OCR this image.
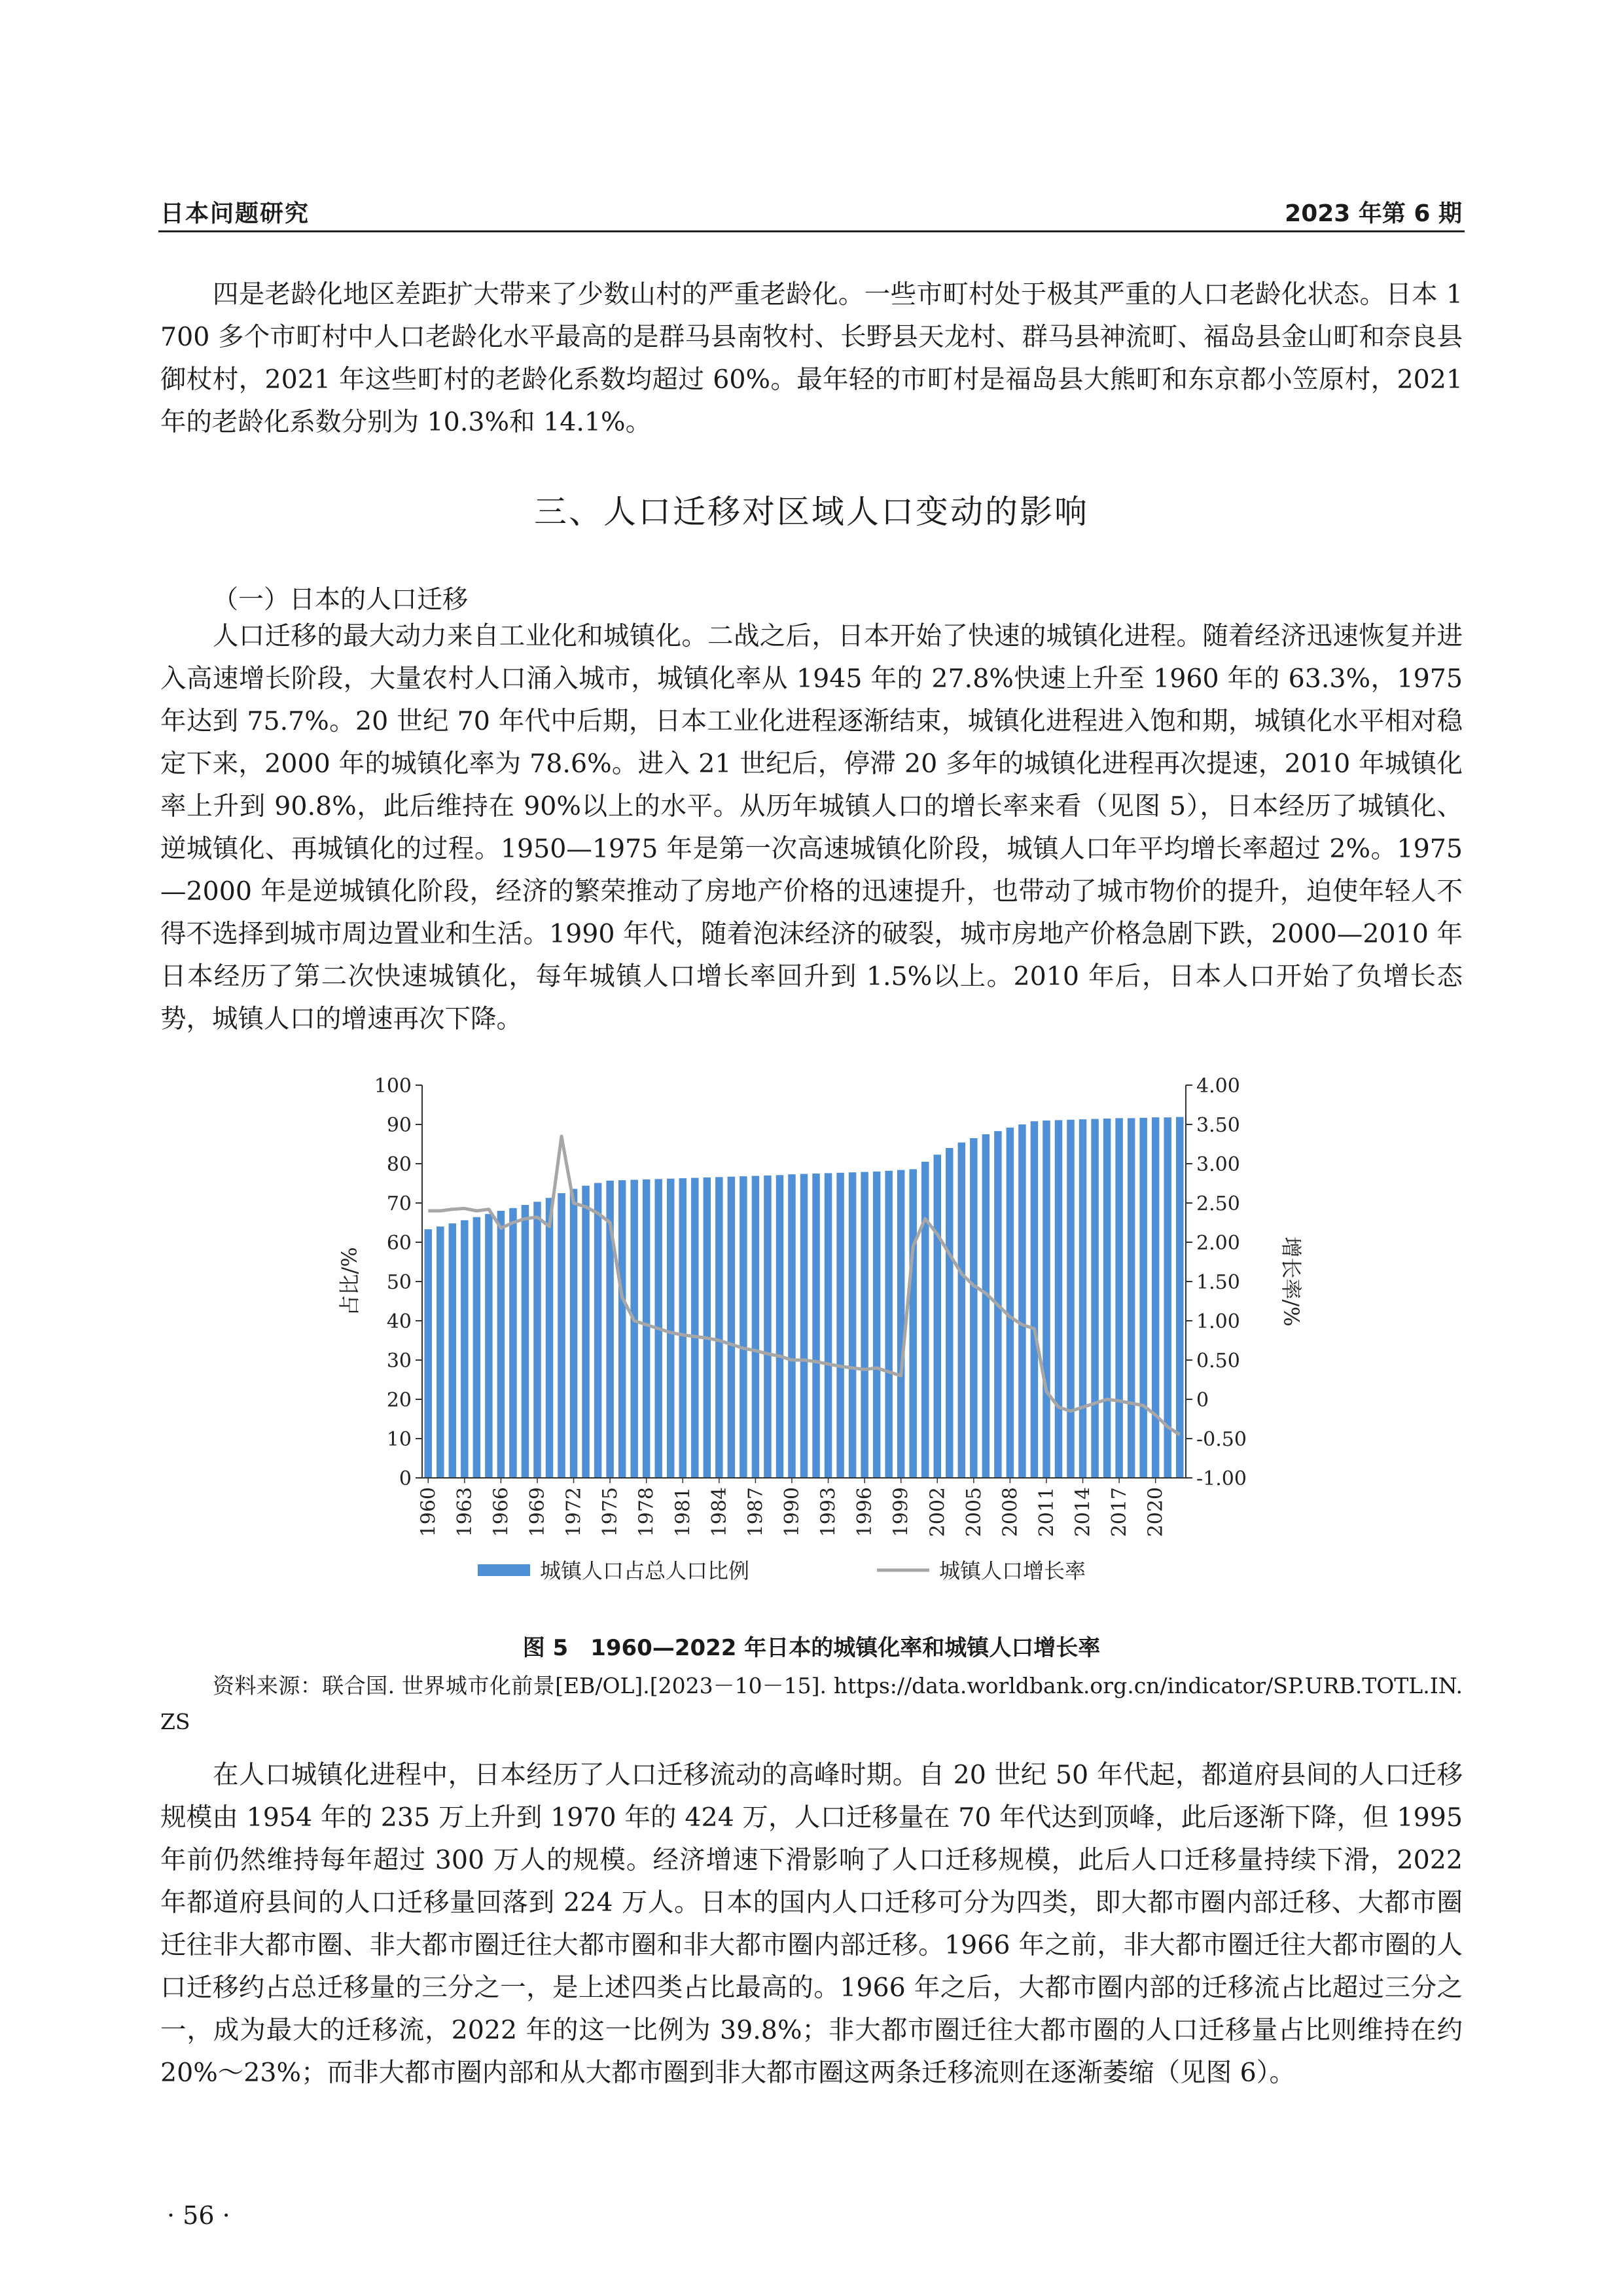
日本问题研究	2023 年第 6 期

四是老龄化地区差距扩大带来了少数山村的严重老龄化。一些市町村处于极其严重的人口老龄化状态。日本 1 700 多个市町村中人口老龄化水平最高的是群马县南牧村、长野县天龙村、群马县神流町、福岛县金山町和奈良县御杖村，2021 年这些町村的老龄化系数均超过 60%。最年轻的市町村是福岛县大熊町和东京都小笠原村，2021 年的老龄化系数分别为 10.3%和 14.1%。

三、人口迁移对区域人口变动的影响
（一）日本的人口迁移

人口迁移的最大动力来自工业化和城镇化。二战之后，日本开始了快速的城镇化进程。随着经济迅速恢复并进入高速增长阶段，大量农村人口涌入城市，城镇化率从 1945 年的 27.8%快速上升至 1960 年的 63.3%，1975 年达到 75.7%。20 世纪 70 年代中后期，日本工业化进程逐渐结束，城镇化进程进入饱和期，城镇化水平相对稳定下来，2000 年的城镇化率为 78.6%。进入 21 世纪后，停滞 20 多年的城镇化进程再次提速，2010 年城镇化率上升到 90.8%，此后维持在 90%以上的水平。从历年城镇人口的增长率来看（见图 5），日本经历了城镇化、逆城镇化、再城镇化的过程。1950—1975 年是第一次高速城镇化阶段，城镇人口年平均增长率超过 2%。1975—2000 年是逆城镇化阶段，经济的繁荣推动了房地产价格的迅速提升，也带动了城市物价的提升，迫使年轻人不得不选择到城市周边置业和生活。1990 年代，随着泡沫经济的破裂，城市房地产价格急剧下跌，2000—2010 年日本经历了第二次快速城镇化，每年城镇人口增长率回升到 1.5%以上。2010 年后，日本人口开始了负增长态势，城镇人口的增速再次下降。

0
10
20
30
40
50
60
70
80
90
100
占比/%
-1.00
-0.50
0
0.50
1.00
1.50
2.00
2.50
3.00
3.50
4.00
增长率/%
1960 1963 1966 1969 1972 1975 1978 1981 1984 1987 1990 1993 1996 1999 2002 2005 2008 2011 2014 2017 2020
城镇人口占总人口比例	城镇人口增长率
图 5　1960—2022 年日本的城镇化率和城镇人口增长率

资料来源：联合国. 世界城市化前景[EB/OL].[2023－10－15]. https://data.worldbank.org.cn/indicator/SP.URB.TOTL.IN.ZS

在人口城镇化进程中，日本经历了人口迁移流动的高峰时期。自 20 世纪 50 年代起，都道府县间的人口迁移规模由 1954 年的 235 万上升到 1970 年的 424 万，人口迁移量在 70 年代达到顶峰，此后逐渐下降，但 1995 年前仍然维持每年超过 300 万人的规模。经济增速下滑影响了人口迁移规模，此后人口迁移量持续下滑，2022 年都道府县间的人口迁移量回落到 224 万人。日本的国内人口迁移可分为四类，即大都市圈内部迁移、大都市圈迁往非大都市圈、非大都市圈迁往大都市圈和非大都市圈内部迁移。1966 年之前，非大都市圈迁往大都市圈的人口迁移约占总迁移量的三分之一，是上述四类占比最高的。1966 年之后，大都市圈内部的迁移流占比超过三分之一，成为最大的迁移流，2022 年的这一比例为 39.8%；非大都市圈迁往大都市圈的人口迁移量占比则维持在约 20%～23%；而非大都市圈内部和从大都市圈到非大都市圈这两条迁移流则在逐渐萎缩（见图 6）。

· 56 ·
